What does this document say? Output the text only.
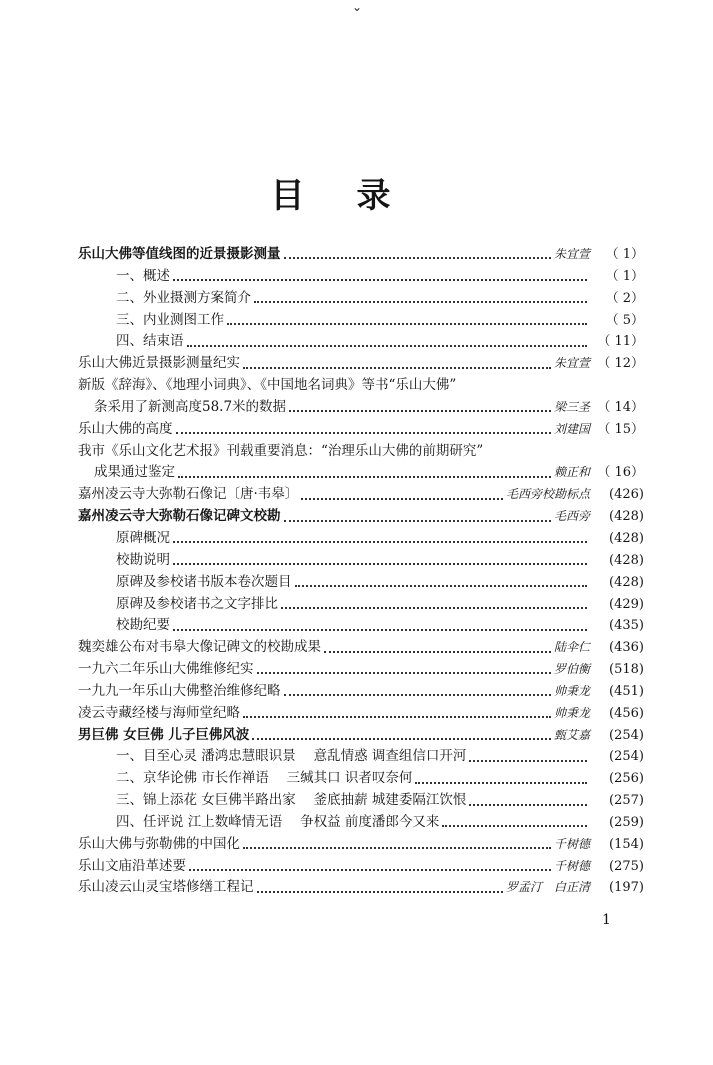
⌄
目录
乐山大佛等值线图的近景摄影测量	朱宜萱	（ 1）
一、概述	（ 1）
二、外业摄测方案简介	（ 2）
三、内业测图工作	（ 5）
四、结束语	（ 11）
乐山大佛近景摄影测量纪实	朱宜萱 （ 12）
新版《辞海》、《地理小词典》、《中国地名词典》等书“乐山大佛”
条采用了新测高度58.7米的数据	梁三圣 （ 14）
乐山大佛的高度	刘建国 （ 15）
我市《乐山文化艺术报》刊载重要消息：“治理乐山大佛的前期研究”
成果通过鉴定	赖正和 （ 16）
嘉州凌云寺大弥勒石像记〔唐·韦皋〕	毛西旁校勘标点	(426)
嘉州凌云寺大弥勒石像记碑文校勘	毛西旁	(428)
原碑概况	(428)
校勘说明	(428)
原碑及参校诸书版本卷次题目	(428)
原碑及参校诸书之文字排比	(429)
校勘纪要	(435)
魏奕雄公布对韦皋大像记碑文的校勘成果	陆伞仁	(436)
一九六二年乐山大佛维修纪实	罗伯衡	(518)
一九九一年乐山大佛整治维修纪略	帅秉龙	(451)
凌云寺藏经楼与海师堂纪略	帅秉龙	(456)
男巨佛 女巨佛 儿子巨佛风波	甄艾嘉	(254)
一、目至心灵 潘鸿忠慧眼识景　 意乱情惑 调查组信口开河	(254)
二、京华论佛 市长作禅语　 三缄其口 识者叹奈何	(256)
三、锦上添花 女巨佛半路出家　 釜底抽薪 城建委隔江饮恨	(257)
四、任评说 江上数峰情无语　 争权益 前度潘郎今又来	(259)
乐山大佛与弥勒佛的中国化	千树德	(154)
乐山文庙沿革述要	千树德	(275)
乐山凌云山灵宝塔修缮工程记	罗孟汀　白正清	(197)
1
